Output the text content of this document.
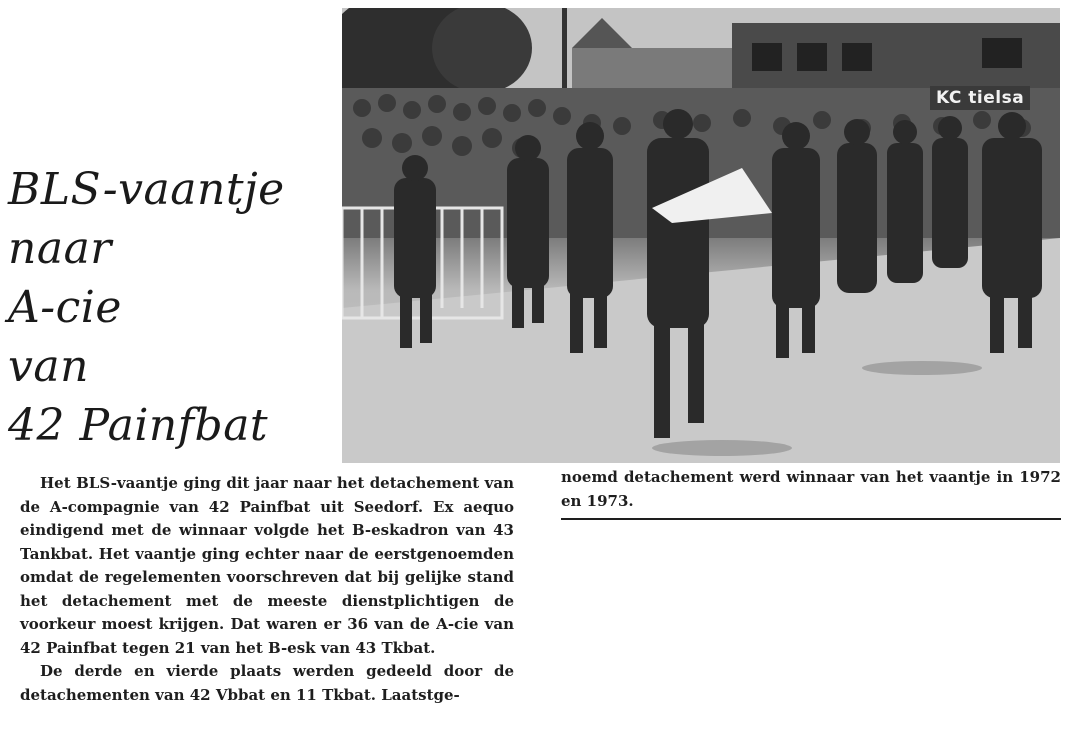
BLS-vaantje
naar
A-cie
van
42 Painfbat
KC tielsa

Het BLS-vaantje ging dit jaar naar het detachement van de A-compagnie van 42 Painfbat uit Seedorf. Ex aequo eindigend met de winnaar volgde het B-eskadron van 43 Tankbat. Het vaantje ging echter naar de eerstgenoemden omdat de regelementen voorschreven dat bij gelijke stand het detachement met de meeste dienstplichtigen de voorkeur moest krijgen. Dat waren er 36 van de A-cie van 42 Painfbat tegen 21 van het B-esk van 43 Tkbat.

De derde en vierde plaats werden gedeeld door de detachementen van 42 Vbbat en 11 Tkbat. Laatstge-

noemd detachement werd winnaar van het vaantje in 1972 en 1973.
